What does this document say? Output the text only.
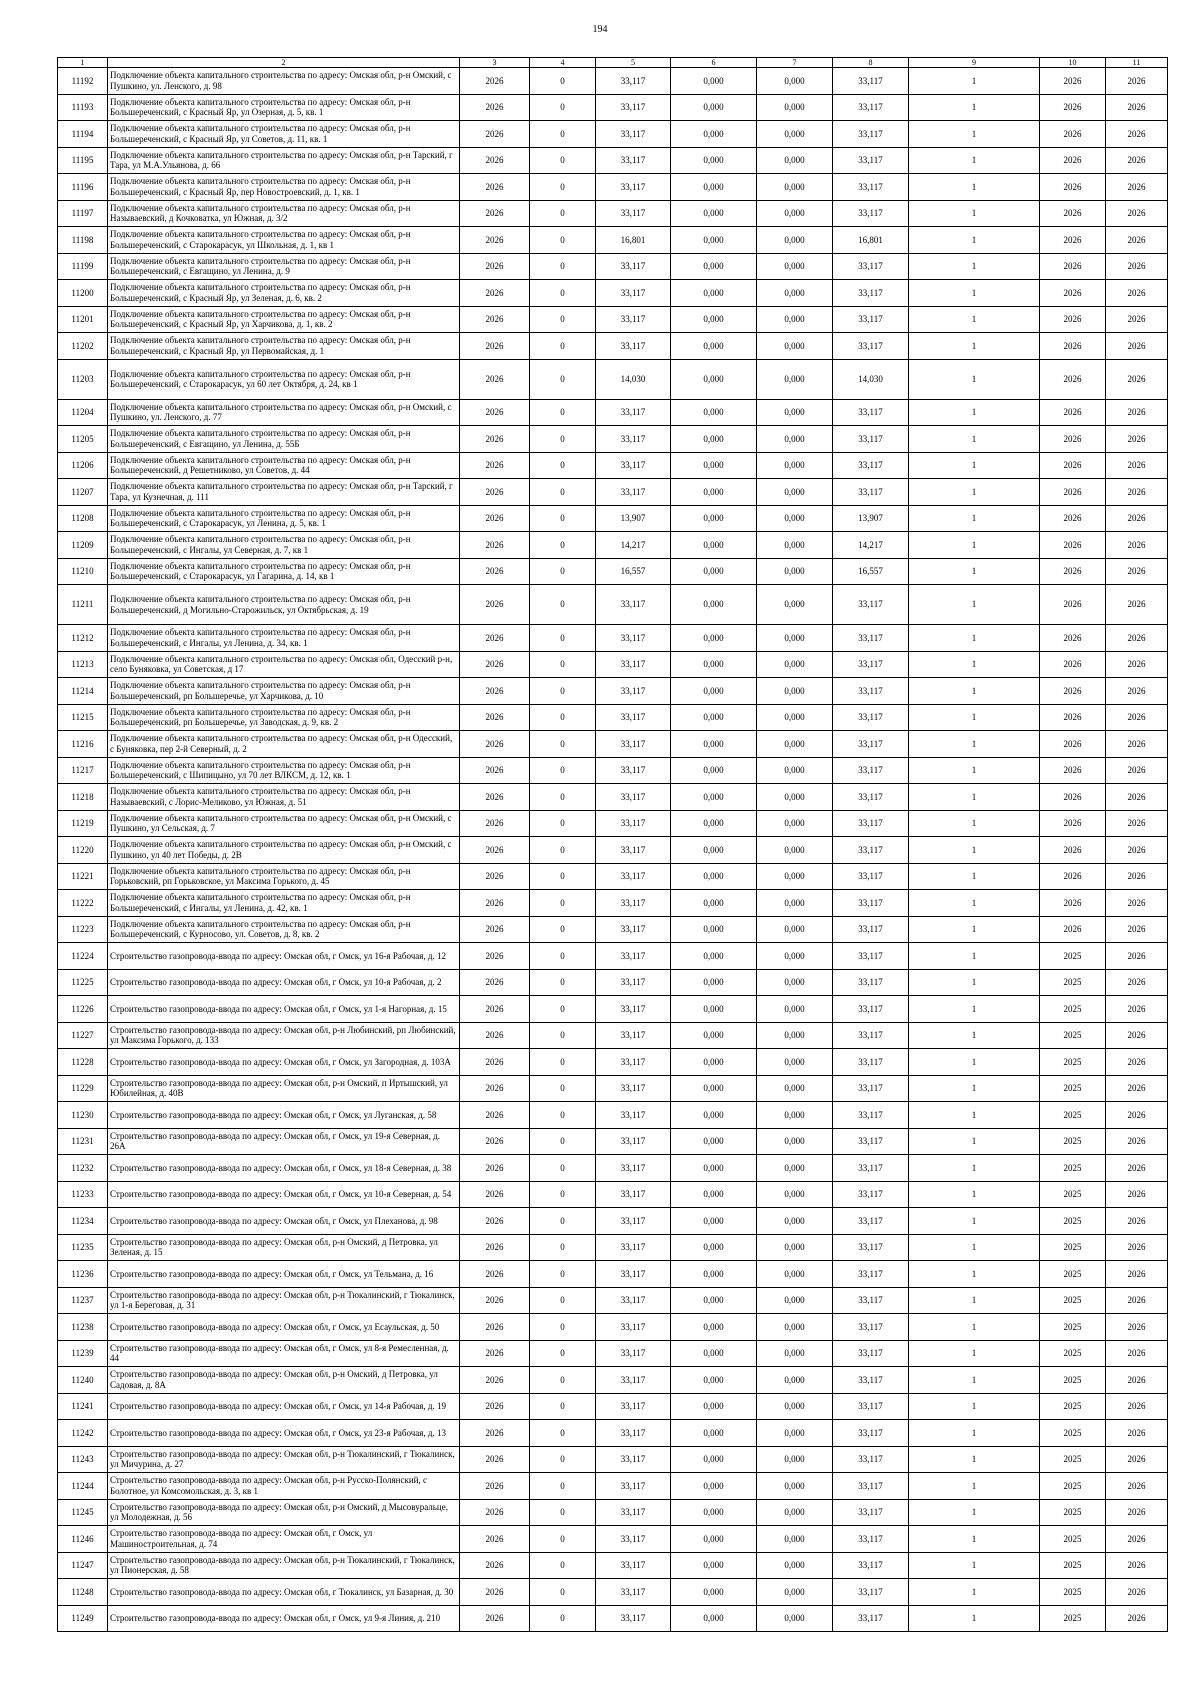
194
1	2	3	4	5	6	7	8	9	10	11
11192	Подключение объекта капитального строительства по адресу: Омская обл, р-н Омский, с Пушкино, ул. Ленского, д. 98	2026	0	33,117	0,000	0,000	33,117	1	2026	2026
11193	Подключение объекта капитального строительства по адресу: Омская обл, р-н Большереченский, с Красный Яр, ул Озерная, д. 5, кв. 1	2026	0	33,117	0,000	0,000	33,117	1	2026	2026
11194	Подключение объекта капитального строительства по адресу: Омская обл, р-н Большереченский, с Красный Яр, ул Советов, д. 11, кв. 1	2026	0	33,117	0,000	0,000	33,117	1	2026	2026
11195	Подключение объекта капитального строительства по адресу: Омская обл, р-н Тарский, г Тара, ул М.А.Ульянова, д. 66	2026	0	33,117	0,000	0,000	33,117	1	2026	2026
11196	Подключение объекта капитального строительства по адресу: Омская обл, р-н Большереченский, с Красный Яр, пер Новостроевский, д. 1, кв. 1	2026	0	33,117	0,000	0,000	33,117	1	2026	2026
11197	Подключение объекта капитального строительства по адресу: Омская обл, р-н Называевский, д Кочковатка, ул Южная, д. 3/2	2026	0	33,117	0,000	0,000	33,117	1	2026	2026
11198	Подключение объекта капитального строительства по адресу: Омская обл, р-н Большереченский, с Старокарасук, ул Школьная, д. 1, кв 1	2026	0	16,801	0,000	0,000	16,801	1	2026	2026
11199	Подключение объекта капитального строительства по адресу: Омская обл, р-н Большереченский, с Евгащино, ул Ленина, д. 9	2026	0	33,117	0,000	0,000	33,117	1	2026	2026
11200	Подключение объекта капитального строительства по адресу: Омская обл, р-н Большереченский, с Красный Яр, ул Зеленая, д. 6, кв. 2	2026	0	33,117	0,000	0,000	33,117	1	2026	2026
11201	Подключение объекта капитального строительства по адресу: Омская обл, р-н Большереченский, с Красный Яр, ул Харчикова, д. 1, кв. 2	2026	0	33,117	0,000	0,000	33,117	1	2026	2026
11202	Подключение объекта капитального строительства по адресу: Омская обл, р-н Большереченский, с Красный Яр, ул Первомайская, д. 1	2026	0	33,117	0,000	0,000	33,117	1	2026	2026
11203	Подключение объекта капитального строительства по адресу: Омская обл, р-н Большереченский, с Старокарасук, ул 60 лет Октября, д. 24, кв 1	2026	0	14,030	0,000	0,000	14,030	1	2026	2026
11204	Подключение объекта капитального строительства по адресу: Омская обл, р-н Омский, с Пушкино, ул. Ленского, д. 77	2026	0	33,117	0,000	0,000	33,117	1	2026	2026
11205	Подключение объекта капитального строительства по адресу: Омская обл, р-н Большереченский, с Евгащино, ул Ленина, д. 55Б	2026	0	33,117	0,000	0,000	33,117	1	2026	2026
11206	Подключение объекта капитального строительства по адресу: Омская обл, р-н Большереченский, д Решетниково, ул Советов, д. 44	2026	0	33,117	0,000	0,000	33,117	1	2026	2026
11207	Подключение объекта капитального строительства по адресу: Омская обл, р-н Тарский, г Тара, ул Кузнечная, д. 111	2026	0	33,117	0,000	0,000	33,117	1	2026	2026
11208	Подключение объекта капитального строительства по адресу: Омская обл, р-н Большереченский, с Старокарасук, ул Ленина, д. 5, кв. 1	2026	0	13,907	0,000	0,000	13,907	1	2026	2026
11209	Подключение объекта капитального строительства по адресу: Омская обл, р-н Большереченский, с Ингалы, ул Северная, д. 7, кв 1	2026	0	14,217	0,000	0,000	14,217	1	2026	2026
11210	Подключение объекта капитального строительства по адресу: Омская обл, р-н Большереченский, с Старокарасук, ул Гагарина, д. 14, кв 1	2026	0	16,557	0,000	0,000	16,557	1	2026	2026
11211	Подключение объекта капитального строительства по адресу: Омская обл, р-н Большереченский, д Могильно-Старожильск, ул Октябрьская, д. 19	2026	0	33,117	0,000	0,000	33,117	1	2026	2026
11212	Подключение объекта капитального строительства по адресу: Омская обл, р-н Большереченский, с Ингалы, ул Ленина, д. 34, кв. 1	2026	0	33,117	0,000	0,000	33,117	1	2026	2026
11213	Подключение объекта капитального строительства по адресу: Омская обл, Одесский р-н, село Буняковка, ул Советская, д 17	2026	0	33,117	0,000	0,000	33,117	1	2026	2026
11214	Подключение объекта капитального строительства по адресу: Омская обл, р-н Большереченский, рп Большеречье, ул Харчикова, д. 10	2026	0	33,117	0,000	0,000	33,117	1	2026	2026
11215	Подключение объекта капитального строительства по адресу: Омская обл, р-н Большереченский, рп Большеречье, ул Заводская, д. 9, кв. 2	2026	0	33,117	0,000	0,000	33,117	1	2026	2026
11216	Подключение объекта капитального строительства по адресу: Омская обл, р-н Одесский, с Буняковка, пер 2-й Северный, д. 2	2026	0	33,117	0,000	0,000	33,117	1	2026	2026
11217	Подключение объекта капитального строительства по адресу: Омская обл, р-н Большереченский, с Шипицыно, ул 70 лет ВЛКСМ, д. 12, кв. 1	2026	0	33,117	0,000	0,000	33,117	1	2026	2026
11218	Подключение объекта капитального строительства по адресу: Омская обл, р-н Называевский, с Лорис-Меликово, ул Южная, д. 51	2026	0	33,117	0,000	0,000	33,117	1	2026	2026
11219	Подключение объекта капитального строительства по адресу: Омская обл, р-н Омский, с Пушкино, ул Сельская, д. 7	2026	0	33,117	0,000	0,000	33,117	1	2026	2026
11220	Подключение объекта капитального строительства по адресу: Омская обл, р-н Омский, с Пушкино, ул 40 лет Победы, д. 2В	2026	0	33,117	0,000	0,000	33,117	1	2026	2026
11221	Подключение объекта капитального строительства по адресу: Омская обл, р-н Горьковский, рп Горьковское, ул Максима Горького, д. 45	2026	0	33,117	0,000	0,000	33,117	1	2026	2026
11222	Подключение объекта капитального строительства по адресу: Омская обл, р-н Большереченский, с Ингалы, ул Ленина, д. 42, кв. 1	2026	0	33,117	0,000	0,000	33,117	1	2026	2026
11223	Подключение объекта капитального строительства по адресу: Омская обл, р-н Большереченский, с Курносово, ул. Советов, д. 8, кв. 2	2026	0	33,117	0,000	0,000	33,117	1	2026	2026
11224	Строительство газопровода-ввода по адресу: Омская обл, г Омск, ул 16-я Рабочая, д. 12	2026	0	33,117	0,000	0,000	33,117	1	2025	2026
11225	Строительство газопровода-ввода по адресу: Омская обл, г Омск, ул 10-я Рабочая, д. 2	2026	0	33,117	0,000	0,000	33,117	1	2025	2026
11226	Строительство газопровода-ввода по адресу: Омская обл, г Омск, ул 1-я Нагорная, д. 15	2026	0	33,117	0,000	0,000	33,117	1	2025	2026
11227	Строительство газопровода-ввода по адресу: Омская обл, р-н Любинский, рп Любинский, ул Максима Горького, д. 133	2026	0	33,117	0,000	0,000	33,117	1	2025	2026
11228	Строительство газопровода-ввода по адресу: Омская обл, г Омск, ул Загородная, д. 103А	2026	0	33,117	0,000	0,000	33,117	1	2025	2026
11229	Строительство газопровода-ввода по адресу: Омская обл, р-н Омский, п Иртышский, ул Юбилейная, д. 40В	2026	0	33,117	0,000	0,000	33,117	1	2025	2026
11230	Строительство газопровода-ввода по адресу: Омская обл, г Омск, ул Луганская, д. 58	2026	0	33,117	0,000	0,000	33,117	1	2025	2026
11231	Строительство газопровода-ввода по адресу: Омская обл, г Омск, ул 19-я Северная, д. 26А	2026	0	33,117	0,000	0,000	33,117	1	2025	2026
11232	Строительство газопровода-ввода по адресу: Омская обл, г Омск, ул 18-я Северная, д. 38	2026	0	33,117	0,000	0,000	33,117	1	2025	2026
11233	Строительство газопровода-ввода по адресу: Омская обл, г Омск, ул 10-я Северная, д. 54	2026	0	33,117	0,000	0,000	33,117	1	2025	2026
11234	Строительство газопровода-ввода по адресу: Омская обл, г Омск, ул Плеханова, д. 98	2026	0	33,117	0,000	0,000	33,117	1	2025	2026
11235	Строительство газопровода-ввода по адресу: Омская обл, р-н Омский, д Петровка, ул Зеленая, д. 15	2026	0	33,117	0,000	0,000	33,117	1	2025	2026
11236	Строительство газопровода-ввода по адресу: Омская обл, г Омск, ул Тельмана, д. 16	2026	0	33,117	0,000	0,000	33,117	1	2025	2026
11237	Строительство газопровода-ввода по адресу: Омская обл, р-н Тюкалинский, г Тюкалинск, ул 1-я Береговая, д. 31	2026	0	33,117	0,000	0,000	33,117	1	2025	2026
11238	Строительство газопровода-ввода по адресу: Омская обл, г Омск, ул Есаульская, д. 50	2026	0	33,117	0,000	0,000	33,117	1	2025	2026
11239	Строительство газопровода-ввода по адресу: Омская обл, г Омск, ул 8-я Ремесленная, д. 44	2026	0	33,117	0,000	0,000	33,117	1	2025	2026
11240	Строительство газопровода-ввода по адресу: Омская обл, р-н Омский, д Петровка, ул Садовая, д. 8А	2026	0	33,117	0,000	0,000	33,117	1	2025	2026
11241	Строительство газопровода-ввода по адресу: Омская обл, г Омск, ул 14-я Рабочая, д. 19	2026	0	33,117	0,000	0,000	33,117	1	2025	2026
11242	Строительство газопровода-ввода по адресу: Омская обл, г Омск, ул 23-я Рабочая, д. 13	2026	0	33,117	0,000	0,000	33,117	1	2025	2026
11243	Строительство газопровода-ввода по адресу: Омская обл, р-н Тюкалинский, г Тюкалинск, ул Мичурина, д. 27	2026	0	33,117	0,000	0,000	33,117	1	2025	2026
11244	Строительство газопровода-ввода по адресу: Омская обл, р-н Русско-Полянский, с Болотное, ул Комсомольская, д. 3, кв 1	2026	0	33,117	0,000	0,000	33,117	1	2025	2026
11245	Строительство газопровода-ввода по адресу: Омская обл, р-н Омский, д Мысовуральце, ул Молодежная, д. 56	2026	0	33,117	0,000	0,000	33,117	1	2025	2026
11246	Строительство газопровода-ввода по адресу: Омская обл, г Омск, ул Машиностроительная, д. 74	2026	0	33,117	0,000	0,000	33,117	1	2025	2026
11247	Строительство газопровода-ввода по адресу: Омская обл, р-н Тюкалинский, г Тюкалинск, ул Пионерская, д. 58	2026	0	33,117	0,000	0,000	33,117	1	2025	2026
11248	Строительство газопровода-ввода по адресу: Омская обл, г Тюкалинск, ул Базарная, д. 30	2026	0	33,117	0,000	0,000	33,117	1	2025	2026
11249	Строительство газопровода-ввода по адресу: Омская обл, г Омск, ул 9-я Линия, д. 210	2026	0	33,117	0,000	0,000	33,117	1	2025	2026
